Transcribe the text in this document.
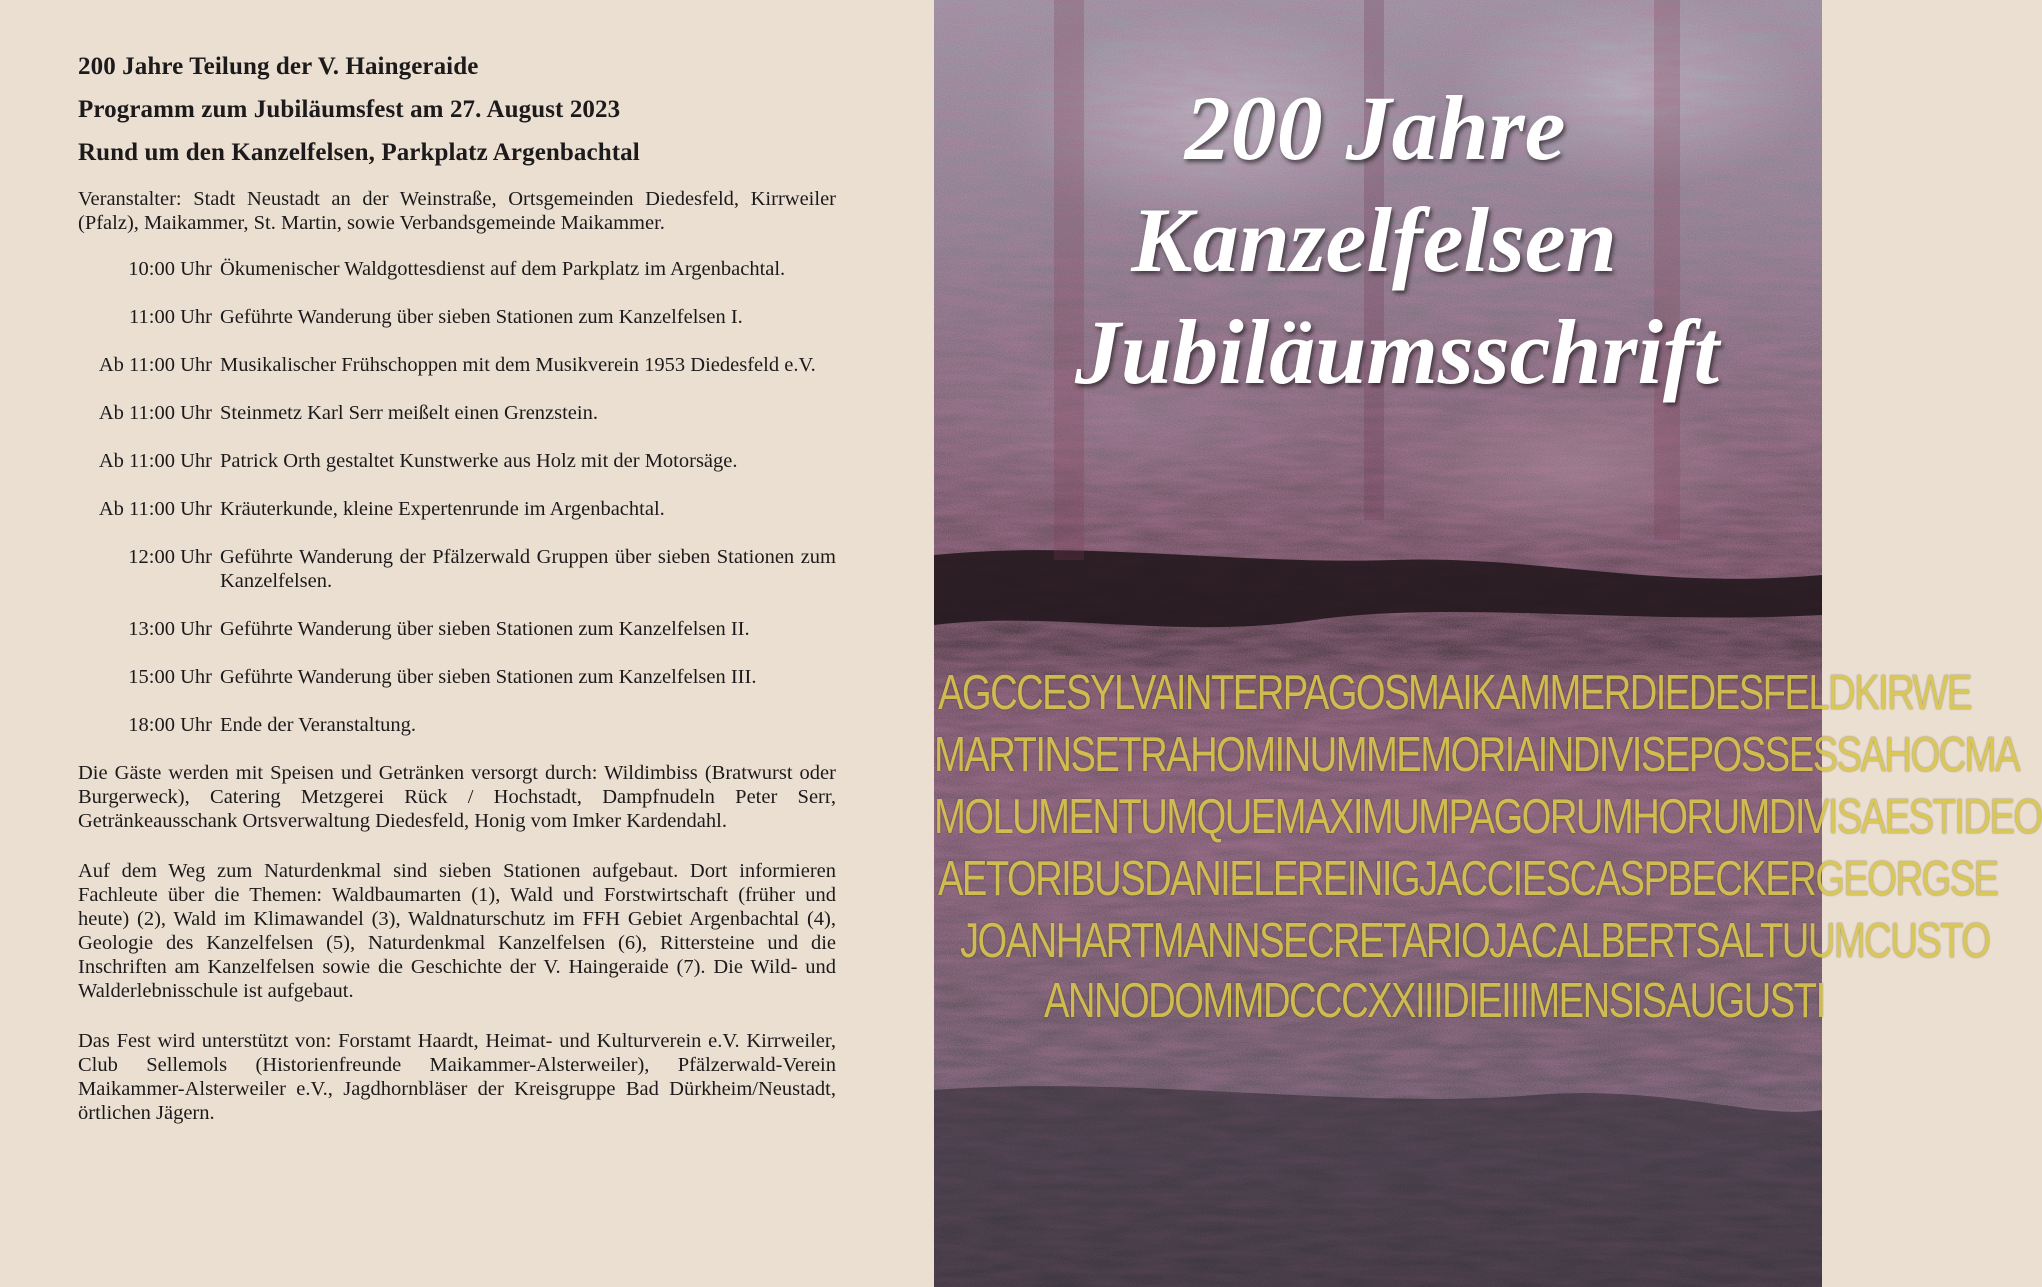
200 Jahre Teilung der V. Haingeraide

Programm zum Jubiläumsfest am 27. August 2023

Rund um den Kanzelfelsen, Parkplatz Argenbachtal

Veranstalter: Stadt Neustadt an der Weinstraße, Ortsgemeinden Diedesfeld, Kirrweiler (Pfalz), Maikammer, St. Martin, sowie Verbandsgemeinde Maikammer.

10:00 Uhr Ökumenischer Waldgottesdienst auf dem Parkplatz im Argenbachtal.
11:00 Uhr Geführte Wanderung über sieben Stationen zum Kanzelfelsen I.
Ab 11:00 Uhr Musikalischer Frühschoppen mit dem Musikverein 1953 Diedesfeld e.V.
Ab 11:00 Uhr Steinmetz Karl Serr meißelt einen Grenzstein.
Ab 11:00 Uhr Patrick Orth gestaltet Kunstwerke aus Holz mit der Motorsäge.
Ab 11:00 Uhr Kräuterkunde, kleine Expertenrunde im Argenbachtal.
12:00 Uhr Geführte Wanderung der Pfälzerwald Gruppen über sieben Stationen zum Kanzelfelsen.
13:00 Uhr Geführte Wanderung über sieben Stationen zum Kanzelfelsen II.
15:00 Uhr Geführte Wanderung über sieben Stationen zum Kanzelfelsen III.
18:00 Uhr Ende der Veranstaltung.

Die Gäste werden mit Speisen und Getränken versorgt durch: Wildimbiss (Bratwurst oder Burgerweck), Catering Metzgerei Rück / Hochstadt, Dampfnudeln Peter Serr, Getränkeausschank Ortsverwaltung Diedesfeld, Honig vom Imker Kardendahl.

Auf dem Weg zum Naturdenkmal sind sieben Stationen aufgebaut. Dort informieren Fachleute über die Themen: Waldbaumarten (1), Wald und Forstwirtschaft (früher und heute) (2), Wald im Klimawandel (3), Waldnaturschutz im FFH Gebiet Argenbachtal (4), Geologie des Kanzelfelsen (5), Naturdenkmal Kanzelfelsen (6), Rittersteine und die Inschriften am Kanzelfelsen sowie die Geschichte der V. Haingeraide (7). Die Wild- und Walderlebnisschule ist aufgebaut.

Das Fest wird unterstützt von: Forstamt Haardt, Heimat- und Kulturverein e.V. Kirrweiler, Club Sellemols (Historienfreunde Maikammer-Alsterweiler), Pfälzerwald-Verein Maikammer-Alsterweiler e.V., Jagdhornbläser der Kreisgruppe Bad Dürkheim/Neustadt, örtlichen Jägern.

AGCCESYLVAINTERPAGOSMAIKAMMERDIEDESFELDKIRWE
MARTINSETRAHOMINUMMEMORIAINDIVISEPOSSESSAHOCMA
MOLUMENTUMQUEMAXIMUMPAGORUMHORUMDIVISAESTIDEO
AETORIBUSDANIELEREINIGJACCIESCASPBECKERGEORGSE
JOANHARTMANNSECRETARIOJACALBERTSALTUUMCUSTO
ANNODOMMDCCCXXIIIDIEIIIMENSISAUGUSTI
200 Jahre
Kanzelfelsen
Jubiläumsschrift
